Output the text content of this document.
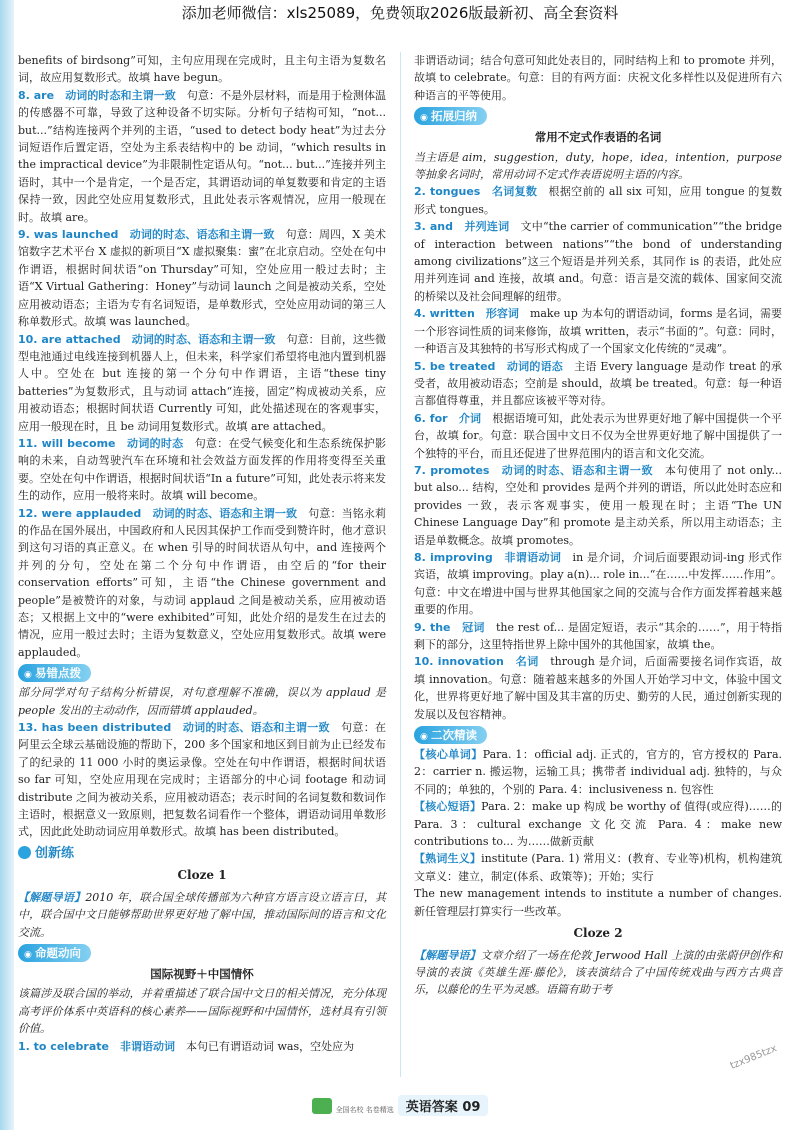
添加老师微信：xls25089，免费领取2026版最新初、高全套资料

benefits of birdsong”可知，主句应用现在完成时，且主句主语为复数名词，故应用复数形式。故填 have begun。

8. are　 动词的时态和主谓一致　 句意：不是外层材料，而是用于检测体温的传感器不可靠，导致了这种设备不切实际。分析句子结构可知，“not... but...”结构连接两个并列的主语，“used to detect body heat”为过去分词短语作后置定语，空处为主系表结构中的 be 动词，“which results in the impractical device”为非限制性定语从句。“not... but...”连接并列主语时，其中一个是肯定，一个是否定，其谓语动词的单复数要和肯定的主语保持一致，因此空处应用复数形式，且此处表示客观情况，应用一般现在时。故填 are。

9. was launched　 动词的时态、语态和主谓一致　 句意：周四，X 美术馆数字艺术平台 X 虚拟的新项目“X 虚拟聚集：蜜”在北京启动。空处在句中作谓语，根据时间状语“on Thursday”可知，空处应用一般过去时；主语“X Virtual Gathering：Honey”与动词 launch 之间是被动关系，空处应用被动语态；主语为专有名词短语，是单数形式，空处应用动词的第三人称单数形式。故填 was launched。

10. are attached　 动词的时态、语态和主谓一致　 句意：目前，这些微型电池通过电线连接到机器人上，但未来，科学家们希望将电池内置到机器人中。空处在 but 连接的第一个分句中作谓语，主语“these tiny batteries”为复数形式，且与动词 attach“连接，固定”构成被动关系，应用被动语态；根据时间状语 Currently 可知，此处描述现在的客观事实，应用一般现在时，且 be 动词用复数形式。故填 are attached。

11. will become　 动词的时态　 句意：在受气候变化和生态系统保护影响的未来，自动驾驶汽车在环境和社会效益方面发挥的作用将变得至关重要。空处在句中作谓语，根据时间状语“In a future”可知，此处表示将来发生的动作，应用一般将来时。故填 will become。

12. were applauded　 动词的时态、语态和主谓一致　 句意：当铭永莉的作品在国外展出，中国政府和人民因其保护工作而受到赞许时，他才意识到这句习语的真正意义。在 when 引导的时间状语从句中，and 连接两个并列的分句，空处在第二个分句中作谓语，由空后的“for their conservation efforts”可知，主语“the Chinese government and people”是被赞许的对象，与动词 applaud 之间是被动关系，应用被动语态；又根据上文中的“were exhibited”可知，此处介绍的是发生在过去的情况，应用一般过去时；主语为复数意义，空处应用复数形式。故填 were applauded。

◉ 易错点拨

部分同学对句子结构分析错误，对句意理解不准确，误以为 applaud 是 people 发出的主动动作，因而错填 applauded。

13. has been distributed　 动词的时态、语态和主谓一致　 句意：在阿里云全球云基础设施的帮助下，200 多个国家和地区到目前为止已经发布了的纪录的 11 000 小时的奥运录像。空处在句中作谓语，根据时间状语 so far 可知，空处应用现在完成时；主语部分的中心词 footage 和动词 distribute 之间为被动关系，应用被动语态；表示时间的名词复数和数词作主语时，根据意义一致原则，把复数名词看作一个整体，谓语动词用单数形式，因此此处助动词应用单数形式。故填 has been distributed。

创新练
Cloze 1

【解题导语】2010 年，联合国全球传播部为六种官方语言设立语言日，其中，联合国中文日能够帮助世界更好地了解中国，推动国际间的语言和文化交流。

◉ 命题动向
国际视野＋中国情怀

该篇涉及联合国的举动，并着重描述了联合国中文日的相关情况，充分体现高考评价体系中英语科的核心素养——国际视野和中国情怀，选材具有引领价值。

1. to celebrate　 非谓语动词　 本句已有谓语动词 was，空处应为

非谓语动词；结合句意可知此处表目的，同时结构上和 to promote 并列，故填 to celebrate。句意：目的有两方面：庆祝文化多样性以及促进所有六种语言的平等使用。

◉ 拓展归纳
常用不定式作表语的名词

当主语是 aim，suggestion，duty，hope，idea，intention，purpose 等抽象名词时，常用动词不定式作表语说明主语的内容。

2. tongues　 名词复数　 根据空前的 all six 可知，应用 tongue 的复数形式 tongues。

3. and　 并列连词　 文中“the carrier of communication”“the bridge of interaction between nations”“the bond of understanding among civilizations”这三个短语是并列关系，其同作 is 的表语，此处应用并列连词 and 连接，故填 and。句意：语言是交流的载体、国家间交流的桥梁以及社会间理解的纽带。

4. written　 形容词　 make up 为本句的谓语动词，forms 是名词，需要一个形容词性质的词来修饰，故填 written，表示“书面的”。句意：同时，一种语言及其独特的书写形式构成了一个国家文化传统的“灵魂”。

5. be treated　 动词的语态　 主语 Every language 是动作 treat 的承受者，故用被动语态；空前是 should，故填 be treated。句意：每一种语言都值得尊重，并且都应该被平等对待。

6. for　 介词　 根据语境可知，此处表示为世界更好地了解中国提供一个平台，故填 for。句意：联合国中文日不仅为全世界更好地了解中国提供了一个独特的平台，而且还促进了世界范围内的语言和文化交流。

7. promotes　 动词的时态、语态和主谓一致　 本句使用了 not only... but also... 结构，空处和 provides 是两个并列的谓语，所以此处时态应和 provides 一致，表示客观事实，使用一般现在时；主语“The UN Chinese Language Day”和 promote 是主动关系，所以用主动语态；主语是单数概念。故填 promotes。

8. improving　 非谓语动词　 in 是介词，介词后面要跟动词-ing 形式作宾语，故填 improving。play a(n)... role in...“在……中发挥……作用”。句意：中文在增进中国与世界其他国家之间的交流与合作方面发挥着越来越重要的作用。

9. the　 冠词　 the rest of... 是固定短语，表示“其余的……”，用于特指剩下的部分，这里特指世界上除中国外的其他国家，故填 the。

10. innovation　 名词　 through 是介词，后面需要接名词作宾语，故填 innovation。句意：随着越来越多的外国人开始学习中文，体验中国文化，世界将更好地了解中国及其丰富的历史、勤劳的人民，通过创新实现的发展以及包容精神。

◉ 二次精读

【核心单词】Para. 1：official adj. 正式的，官方的，官方授权的 Para. 2：carrier n. 搬运物，运输工具；携带者 individual adj. 独特的，与众不同的；单独的，个别的 Para. 4：inclusiveness n. 包容性

【核心短语】Para. 2：make up 构成 be worthy of 值得(或应得)……的 Para. 3：cultural exchange 文化交流 Para. 4：make new contributions to... 为……做新贡献

【熟词生义】institute (Para. 1) 常用义：(教育、专业等)机构，机构建筑 文章义：建立，制定(体系、政策等)；开始；实行

The new management intends to institute a number of changes. 新任管理层打算实行一些改革。

Cloze 2

【解题导语】文章介绍了一场在伦敦 Jerwood Hall 上演的由张蔚伊创作和导演的表演《英雄生涯·藤伦》，该表演结合了中国传统戏曲与西方古典音乐，以藤伦的生平为灵感。语篇有助于考

tzx985tzx
全国名校 名卷精选 英语答案 09
